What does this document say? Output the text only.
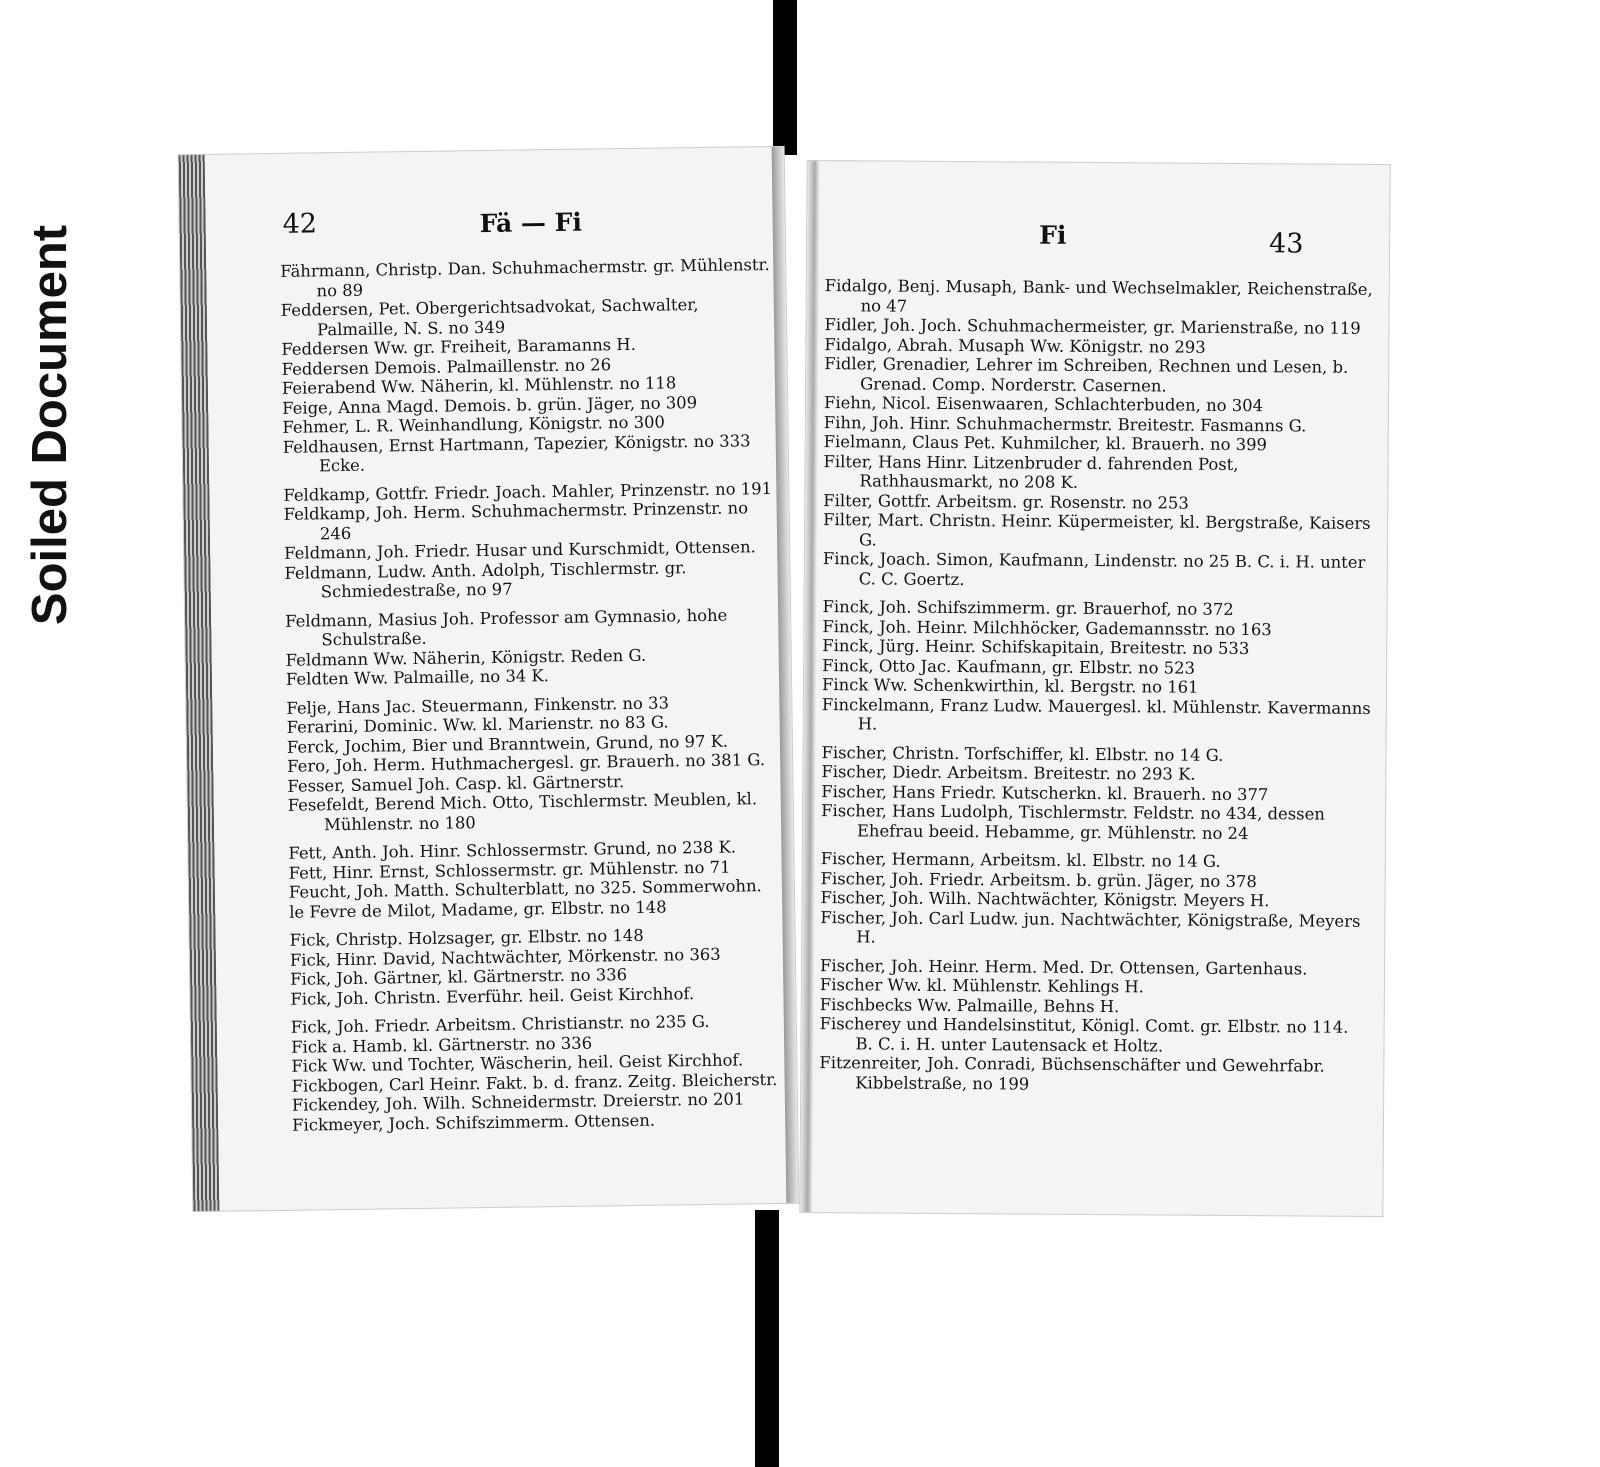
Soiled Document
42	Fä — Fi

Fährmann, Christp. Dan. Schuhmachermstr. gr. Mühlenstr. no 89

Feddersen, Pet. Obergerichtsadvokat, Sachwalter, Palmaille, N. S. no 349

Feddersen Ww. gr. Freiheit, Baramanns H.

Feddersen Demois. Palmaillenstr. no 26

Feierabend Ww. Näherin, kl. Mühlenstr. no 118

Feige, Anna Magd. Demois. b. grün. Jäger, no 309

Fehmer, L. R. Weinhandlung, Königstr. no 300

Feldhausen, Ernst Hartmann, Tapezier, Königstr. no 333 Ecke.

Feldkamp, Gottfr. Friedr. Joach. Mahler, Prinzenstr. no 191

Feldkamp, Joh. Herm. Schuhmachermstr. Prinzenstr. no 246

Feldmann, Joh. Friedr. Husar und Kurschmidt, Ottensen.

Feldmann, Ludw. Anth. Adolph, Tischlermstr. gr. Schmiedestraße, no 97

Feldmann, Masius Joh. Professor am Gymnasio, hohe Schulstraße.

Feldmann Ww. Näherin, Königstr. Reden G.

Feldten Ww. Palmaille, no 34 K.

Felje, Hans Jac. Steuermann, Finkenstr. no 33

Ferarini, Dominic. Ww. kl. Marienstr. no 83 G.

Ferck, Jochim, Bier und Branntwein, Grund, no 97 K.

Fero, Joh. Herm. Huthmachergesl. gr. Brauerh. no 381 G.

Fesser, Samuel Joh. Casp. kl. Gärtnerstr.

Fesefeldt, Berend Mich. Otto, Tischlermstr. Meublen, kl. Mühlenstr. no 180

Fett, Anth. Joh. Hinr. Schlossermstr. Grund, no 238 K.

Fett, Hinr. Ernst, Schlossermstr. gr. Mühlenstr. no 71

Feucht, Joh. Matth. Schulterblatt, no 325. Sommerwohn.

le Fevre de Milot, Madame, gr. Elbstr. no 148

Fick, Christp. Holzsager, gr. Elbstr. no 148

Fick, Hinr. David, Nachtwächter, Mörkenstr. no 363

Fick, Joh. Gärtner, kl. Gärtnerstr. no 336

Fick, Joh. Christn. Everführ. heil. Geist Kirchhof.

Fick, Joh. Friedr. Arbeitsm. Christianstr. no 235 G.

Fick a. Hamb. kl. Gärtnerstr. no 336

Fick Ww. und Tochter, Wäscherin, heil. Geist Kirchhof.

Fickbogen, Carl Heinr. Fakt. b. d. franz. Zeitg. Bleicherstr.

Fickendey, Joh. Wilh. Schneidermstr. Dreierstr. no 201

Fickmeyer, Joch. Schifszimmerm. Ottensen.

Fi	43

Fidalgo, Benj. Musaph, Bank- und Wechselmakler, Reichenstraße, no 47

Fidler, Joh. Joch. Schuhmachermeister, gr. Marienstraße, no 119

Fidalgo, Abrah. Musaph Ww. Königstr. no 293

Fidler, Grenadier, Lehrer im Schreiben, Rechnen und Lesen, b. Grenad. Comp. Norderstr. Casernen.

Fiehn, Nicol. Eisenwaaren, Schlachterbuden, no 304

Fihn, Joh. Hinr. Schuhmachermstr. Breitestr. Fasmanns G.

Fielmann, Claus Pet. Kuhmilcher, kl. Brauerh. no 399

Filter, Hans Hinr. Litzenbruder d. fahrenden Post, Rathhausmarkt, no 208 K.

Filter, Gottfr. Arbeitsm. gr. Rosenstr. no 253

Filter, Mart. Christn. Heinr. Küpermeister, kl. Bergstraße, Kaisers G.

Finck, Joach. Simon, Kaufmann, Lindenstr. no 25 B. C. i. H. unter C. C. Goertz.

Finck, Joh. Schifszimmerm. gr. Brauerhof, no 372

Finck, Joh. Heinr. Milchhöcker, Gademannsstr. no 163

Finck, Jürg. Heinr. Schifskapitain, Breitestr. no 533

Finck, Otto Jac. Kaufmann, gr. Elbstr. no 523

Finck Ww. Schenkwirthin, kl. Bergstr. no 161

Finckelmann, Franz Ludw. Mauergesl. kl. Mühlenstr. Kavermanns H.

Fischer, Christn. Torfschiffer, kl. Elbstr. no 14 G.

Fischer, Diedr. Arbeitsm. Breitestr. no 293 K.

Fischer, Hans Friedr. Kutscherkn. kl. Brauerh. no 377

Fischer, Hans Ludolph, Tischlermstr. Feldstr. no 434, dessen Ehefrau beeid. Hebamme, gr. Mühlenstr. no 24

Fischer, Hermann, Arbeitsm. kl. Elbstr. no 14 G.

Fischer, Joh. Friedr. Arbeitsm. b. grün. Jäger, no 378

Fischer, Joh. Wilh. Nachtwächter, Königstr. Meyers H.

Fischer, Joh. Carl Ludw. jun. Nachtwächter, Königstraße, Meyers H.

Fischer, Joh. Heinr. Herm. Med. Dr. Ottensen, Gartenhaus.

Fischer Ww. kl. Mühlenstr. Kehlings H.

Fischbecks Ww. Palmaille, Behns H.

Fischerey und Handelsinstitut, Königl. Comt. gr. Elbstr. no 114. B. C. i. H. unter Lautensack et Holtz.

Fitzenreiter, Joh. Conradi, Büchsenschäfter und Gewehrfabr. Kibbelstraße, no 199
